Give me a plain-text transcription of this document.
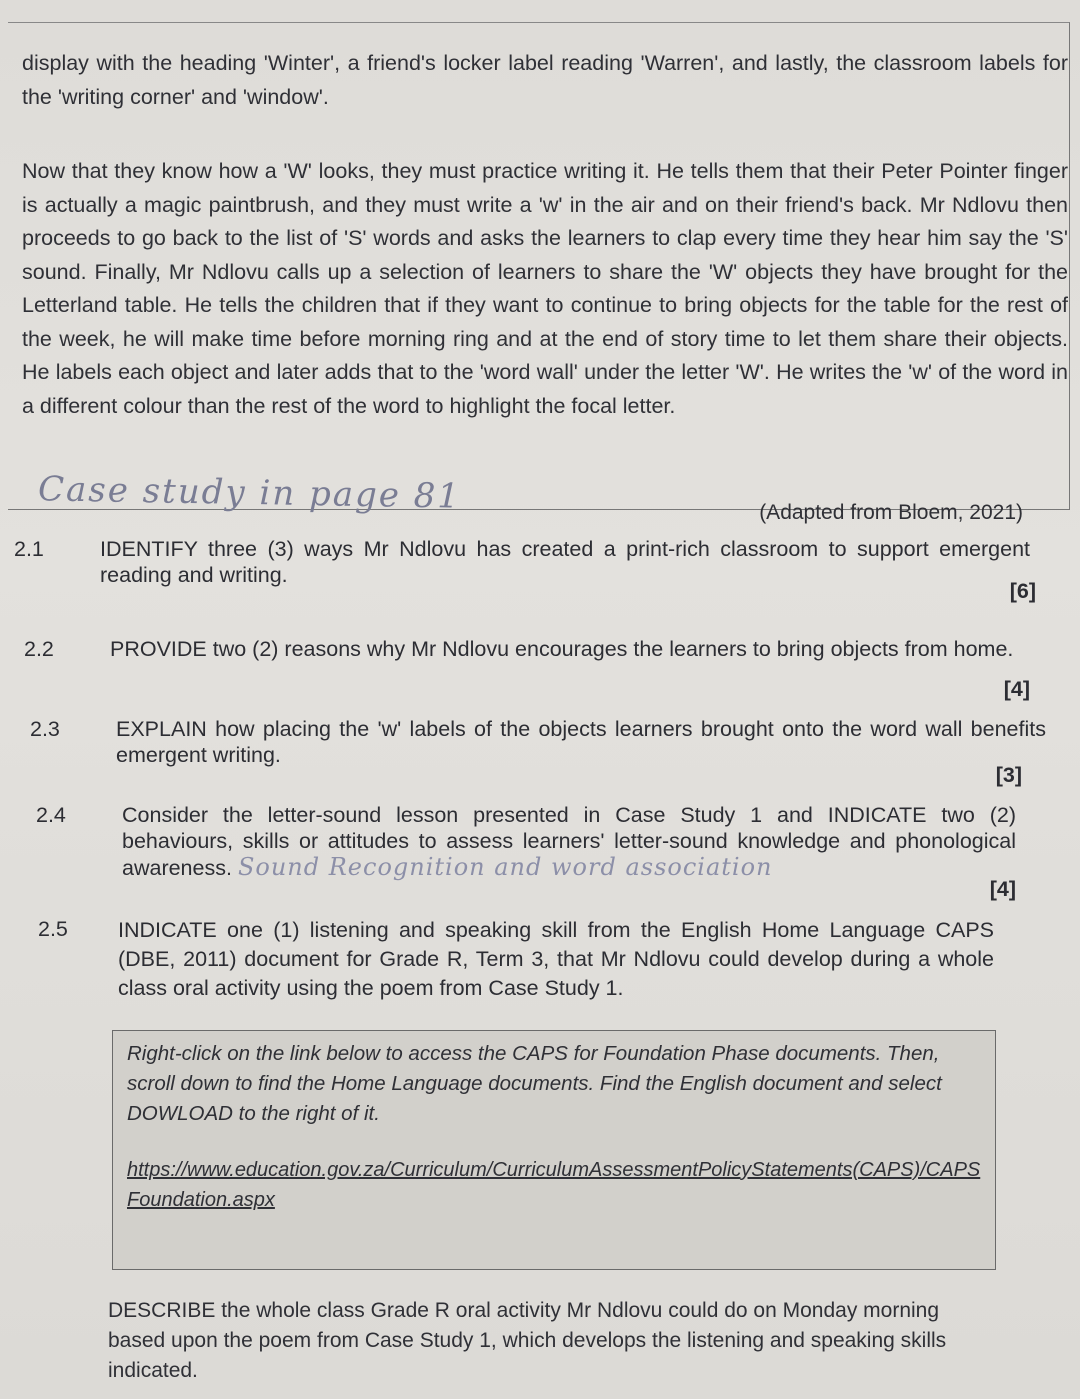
display with the heading 'Winter', a friend's locker label reading 'Warren', and lastly, the classroom labels for the 'writing corner' and 'window'.

Now that they know how a 'W' looks, they must practice writing it. He tells them that their Peter Pointer finger is actually a magic paintbrush, and they must write a 'w' in the air and on their friend's back. Mr Ndlovu then proceeds to go back to the list of 'S' words and asks the learners to clap every time they hear him say the 'S' sound. Finally, Mr Ndlovu calls up a selection of learners to share the 'W' objects they have brought for the Letterland table. He tells the children that if they want to continue to bring objects for the table for the rest of the week, he will make time before morning ring and at the end of story time to let them share their objects. He labels each object and later adds that to the 'word wall' under the letter 'W'. He writes the 'w' of the word in a different colour than the rest of the word to highlight the focal letter.

Case study in page 81	(Adapted from Bloem, 2021)
2.1	IDENTIFY three (3) ways Mr Ndlovu has created a print-rich classroom to support emergent reading and writing.
[6]
2.2	PROVIDE two (2) reasons why Mr Ndlovu encourages the learners to bring objects from home.
[4]
2.3	EXPLAIN how placing the 'w' labels of the objects learners brought onto the word wall benefits emergent writing.
[3]
2.4	Consider the letter-sound lesson presented in Case Study 1 and INDICATE two (2) behaviours, skills or attitudes to assess learners' letter-sound knowledge and phonological awareness. Sound Recognition and word association
[4]
2.5 INDICATE one (1) listening and speaking skill from the English Home Language CAPS (DBE, 2011) document for Grade R, Term 3, that Mr Ndlovu could develop during a whole class oral activity using the poem from Case Study 1.
Right-click on the link below to access the CAPS for Foundation Phase documents. Then, scroll down to find the Home Language documents. Find the English document and select DOWLOAD to the right of it.
https://www.education.gov.za/Curriculum/CurriculumAssessmentPolicyStatements(CAPS)/CAPSFoundation.aspx
DESCRIBE the whole class Grade R oral activity Mr Ndlovu could do on Monday morning based upon the poem from Case Study 1, which develops the listening and speaking skills indicated.
